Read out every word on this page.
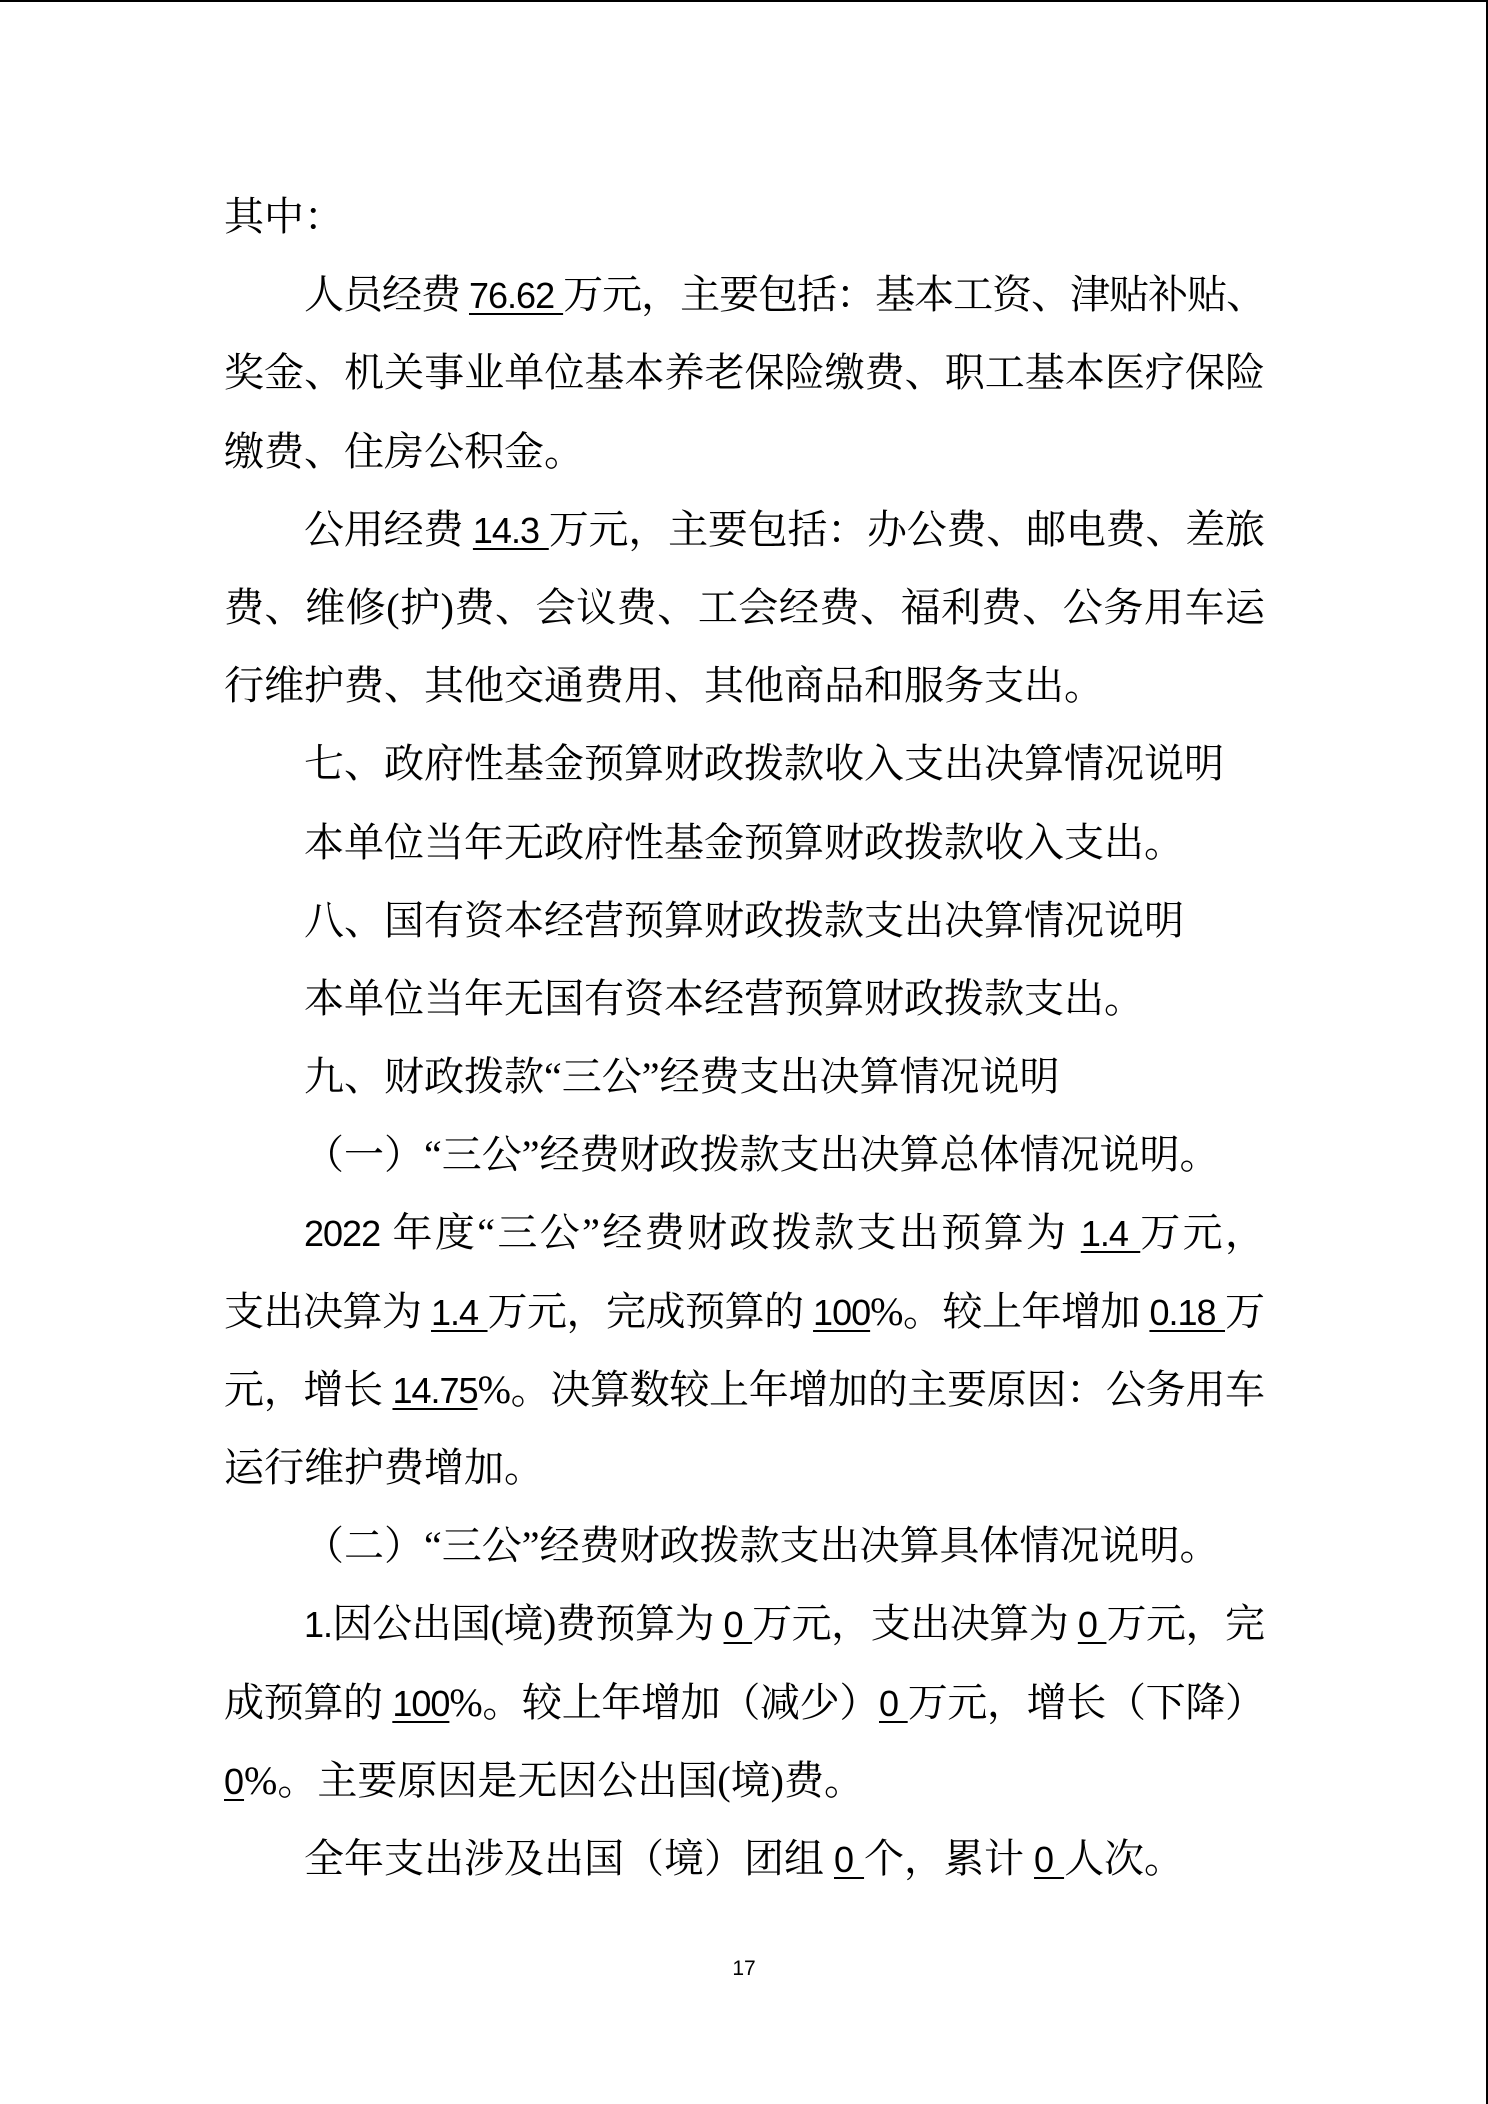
其中：
人员经费 76.62 万元，主要包括：基本工资、津贴补贴、
奖金、机关事业单位基本养老保险缴费、职工基本医疗保险
缴费、住房公积金。
公用经费 14.3 万元，主要包括：办公费、邮电费、差旅
费、维修(护)费、会议费、工会经费、福利费、公务用车运
行维护费、其他交通费用、其他商品和服务支出。
七、政府性基金预算财政拨款收入支出决算情况说明
本单位当年无政府性基金预算财政拨款收入支出。
八、国有资本经营预算财政拨款支出决算情况说明
本单位当年无国有资本经营预算财政拨款支出。
九、财政拨款“三公”经费支出决算情况说明
（一）“三公”经费财政拨款支出决算总体情况说明。
2022 年度“三公”经费财政拨款支出预算为 1.4 万元，
支出决算为 1.4 万元，完成预算的 100%。较上年增加 0.18 万
元，增长 14.75%。决算数较上年增加的主要原因：公务用车
运行维护费增加。
（二）“三公”经费财政拨款支出决算具体情况说明。
1.因公出国(境)费预算为 0 万元，支出决算为 0 万元，完
成预算的 100%。较上年增加（减少）0 万元，增长（下降）
0%。主要原因是无因公出国(境)费。
全年支出涉及出国（境）团组 0 个，累计 0 人次。
17
